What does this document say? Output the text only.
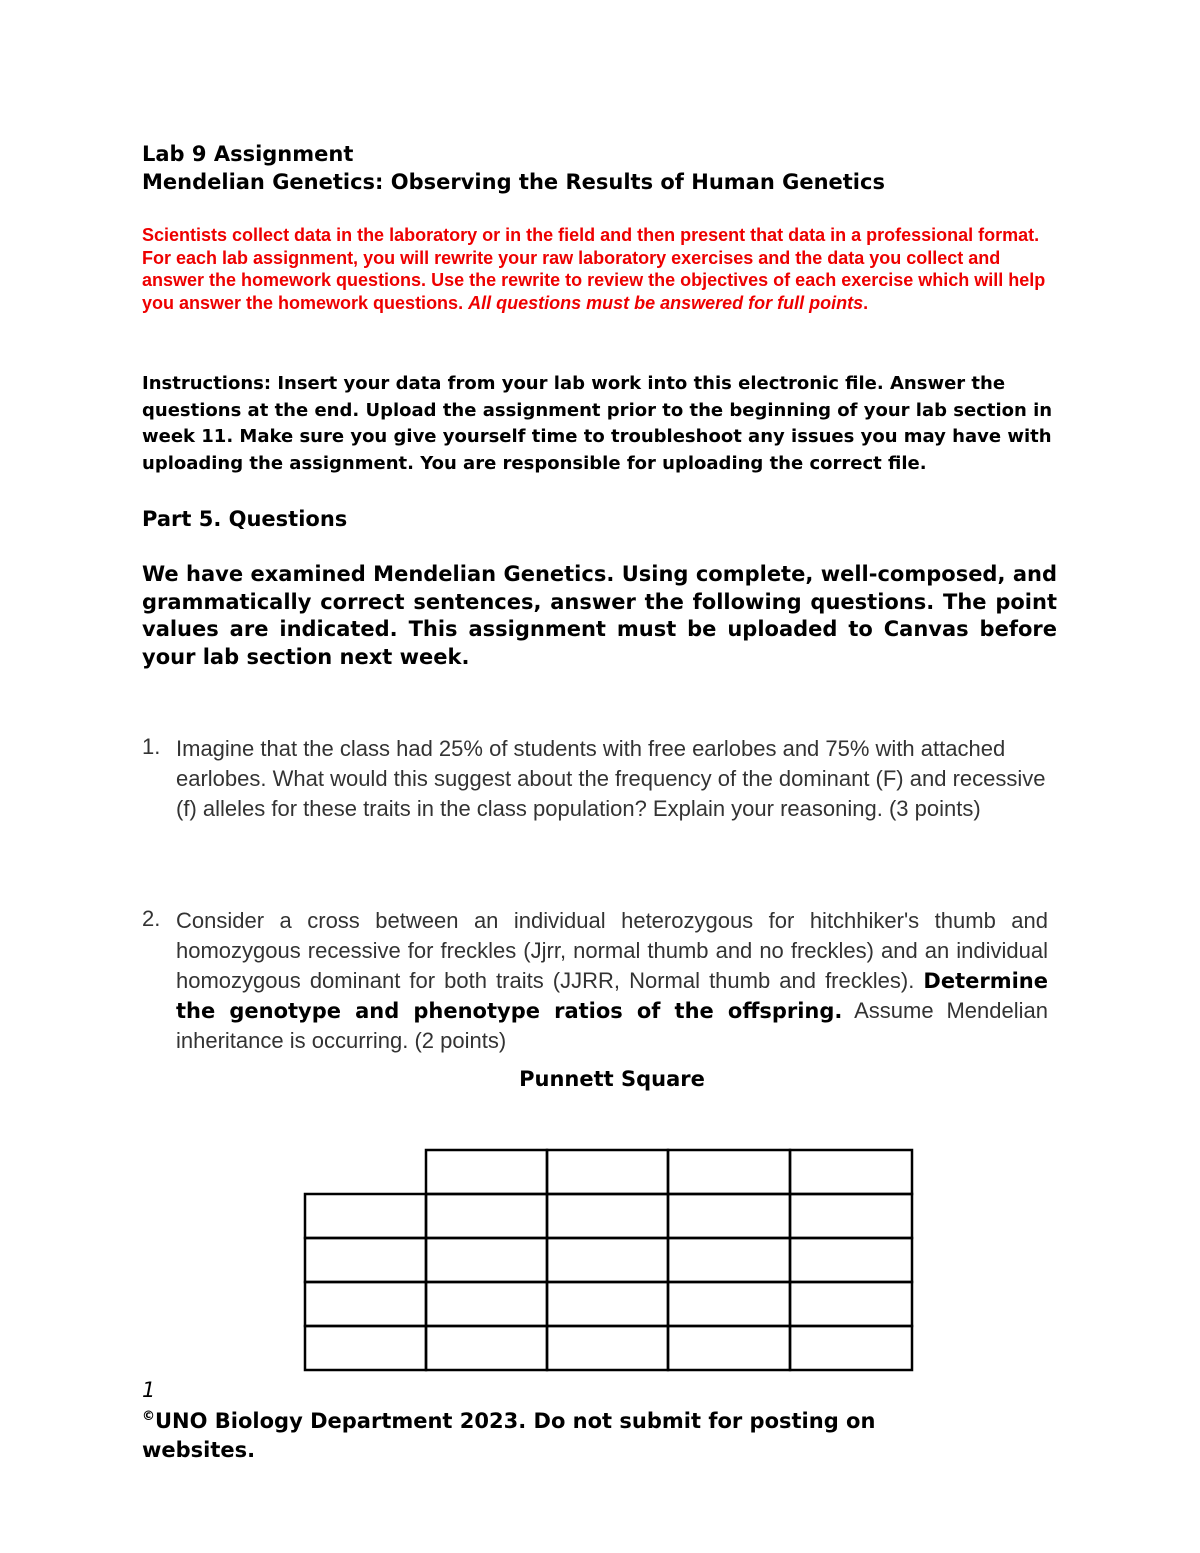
Lab 9 Assignment
Mendelian Genetics: Observing the Results of Human Genetics
Scientists collect data in the laboratory or in the field and then present that data in a professional format. For each lab assignment, you will rewrite your raw laboratory exercises and the data you collect and answer the homework questions. Use the rewrite to review the objectives of each exercise which will help you answer the homework questions. All questions must be answered for full points.
Instructions: Insert your data from your lab work into this electronic file. Answer the questions at the end. Upload the assignment prior to the beginning of your lab section in week 11. Make sure you give yourself time to troubleshoot any issues you may have with uploading the assignment. You are responsible for uploading the correct file.
Part 5. Questions
We have examined Mendelian Genetics. Using complete, well-composed, and grammatically correct sentences, answer the following questions. The point values are indicated. This assignment must be uploaded to Canvas before your lab section next week.
1. Imagine that the class had 25% of students with free earlobes and 75% with attached earlobes. What would this suggest about the frequency of the dominant (F) and recessive (f) alleles for these traits in the class population? Explain your reasoning. (3 points)
2. Consider a cross between an individual heterozygous for hitchhiker's thumb and homozygous recessive for freckles (Jjrr, normal thumb and no freckles) and an individual homozygous dominant for both traits (JJRR, Normal thumb and freckles). Determine the genotype and phenotype ratios of the offspring. Assume Mendelian inheritance is occurring. (2 points)
Punnett Square
1
©UNO Biology Department 2023. Do not submit for posting on websites.
